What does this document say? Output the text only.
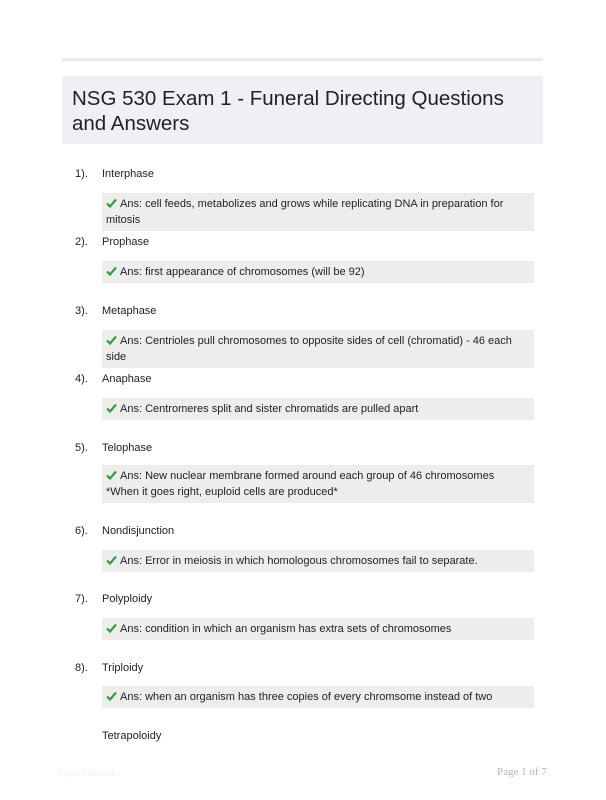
NSG 530 Exam 1 - Funeral Directing Questions and Answers
1). Interphase
Ans: cell feeds, metabolizes and grows while replicating DNA in preparation for mitosis
2). Prophase
Ans: first appearance of chromosomes (will be 92)
3). Metaphase
Ans: Centrioles pull chromosomes to opposite sides of cell (chromatid) - 46 each side
4). Anaphase
Ans: Centromeres split and sister chromatids are pulled apart
5). Telophase
Ans: New nuclear membrane formed around each group of 46 chromosomes *When it goes right, euploid cells are produced*
6). Nondisjunction
Ans: Error in meiosis in which homologous chromosomes fail to separate.
7). Polyploidy
Ans: condition in which an organism has extra sets of chromosomes
8). Triploidy
Ans: when an organism has three copies of every chromsome instead of two
Tetrapoloidy
Papertrain.com	Page 1 of 7
